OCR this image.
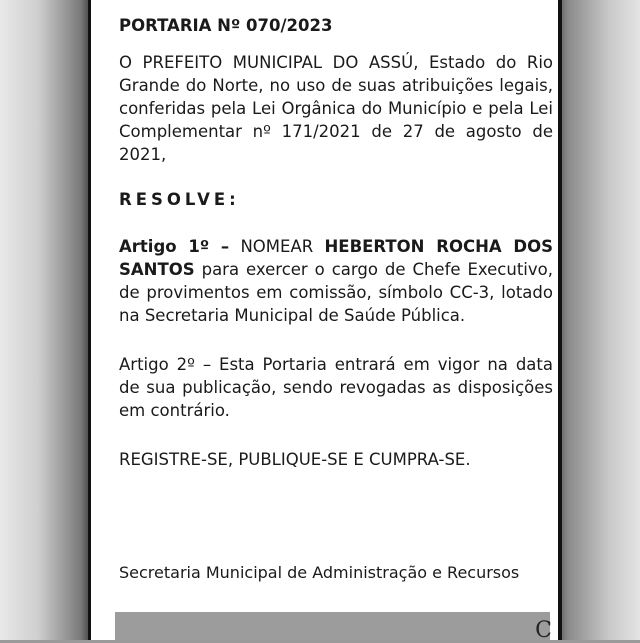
PORTARIA Nº 070/2023
O PREFEITO MUNICIPAL DO ASSÚ, Estado do Rio Grande do Norte, no uso de suas atribuições legais, conferidas pela Lei Orgânica do Município e pela Lei Complementar nº 171/2021 de 27 de agosto de 2021,
RESOLVE:
Artigo 1º – NOMEAR HEBERTON ROCHA DOS SANTOS para exercer o cargo de Chefe Executivo, de provimentos em comissão, símbolo CC-3, lotado na Secretaria Municipal de Saúde Pública.
Artigo 2º – Esta Portaria entrará em vigor na data de sua publicação, sendo revogadas as disposições em contrário.
REGISTRE-SE, PUBLIQUE-SE E CUMPRA-SE.
Secretaria Municipal de Administração e Recursos
C
